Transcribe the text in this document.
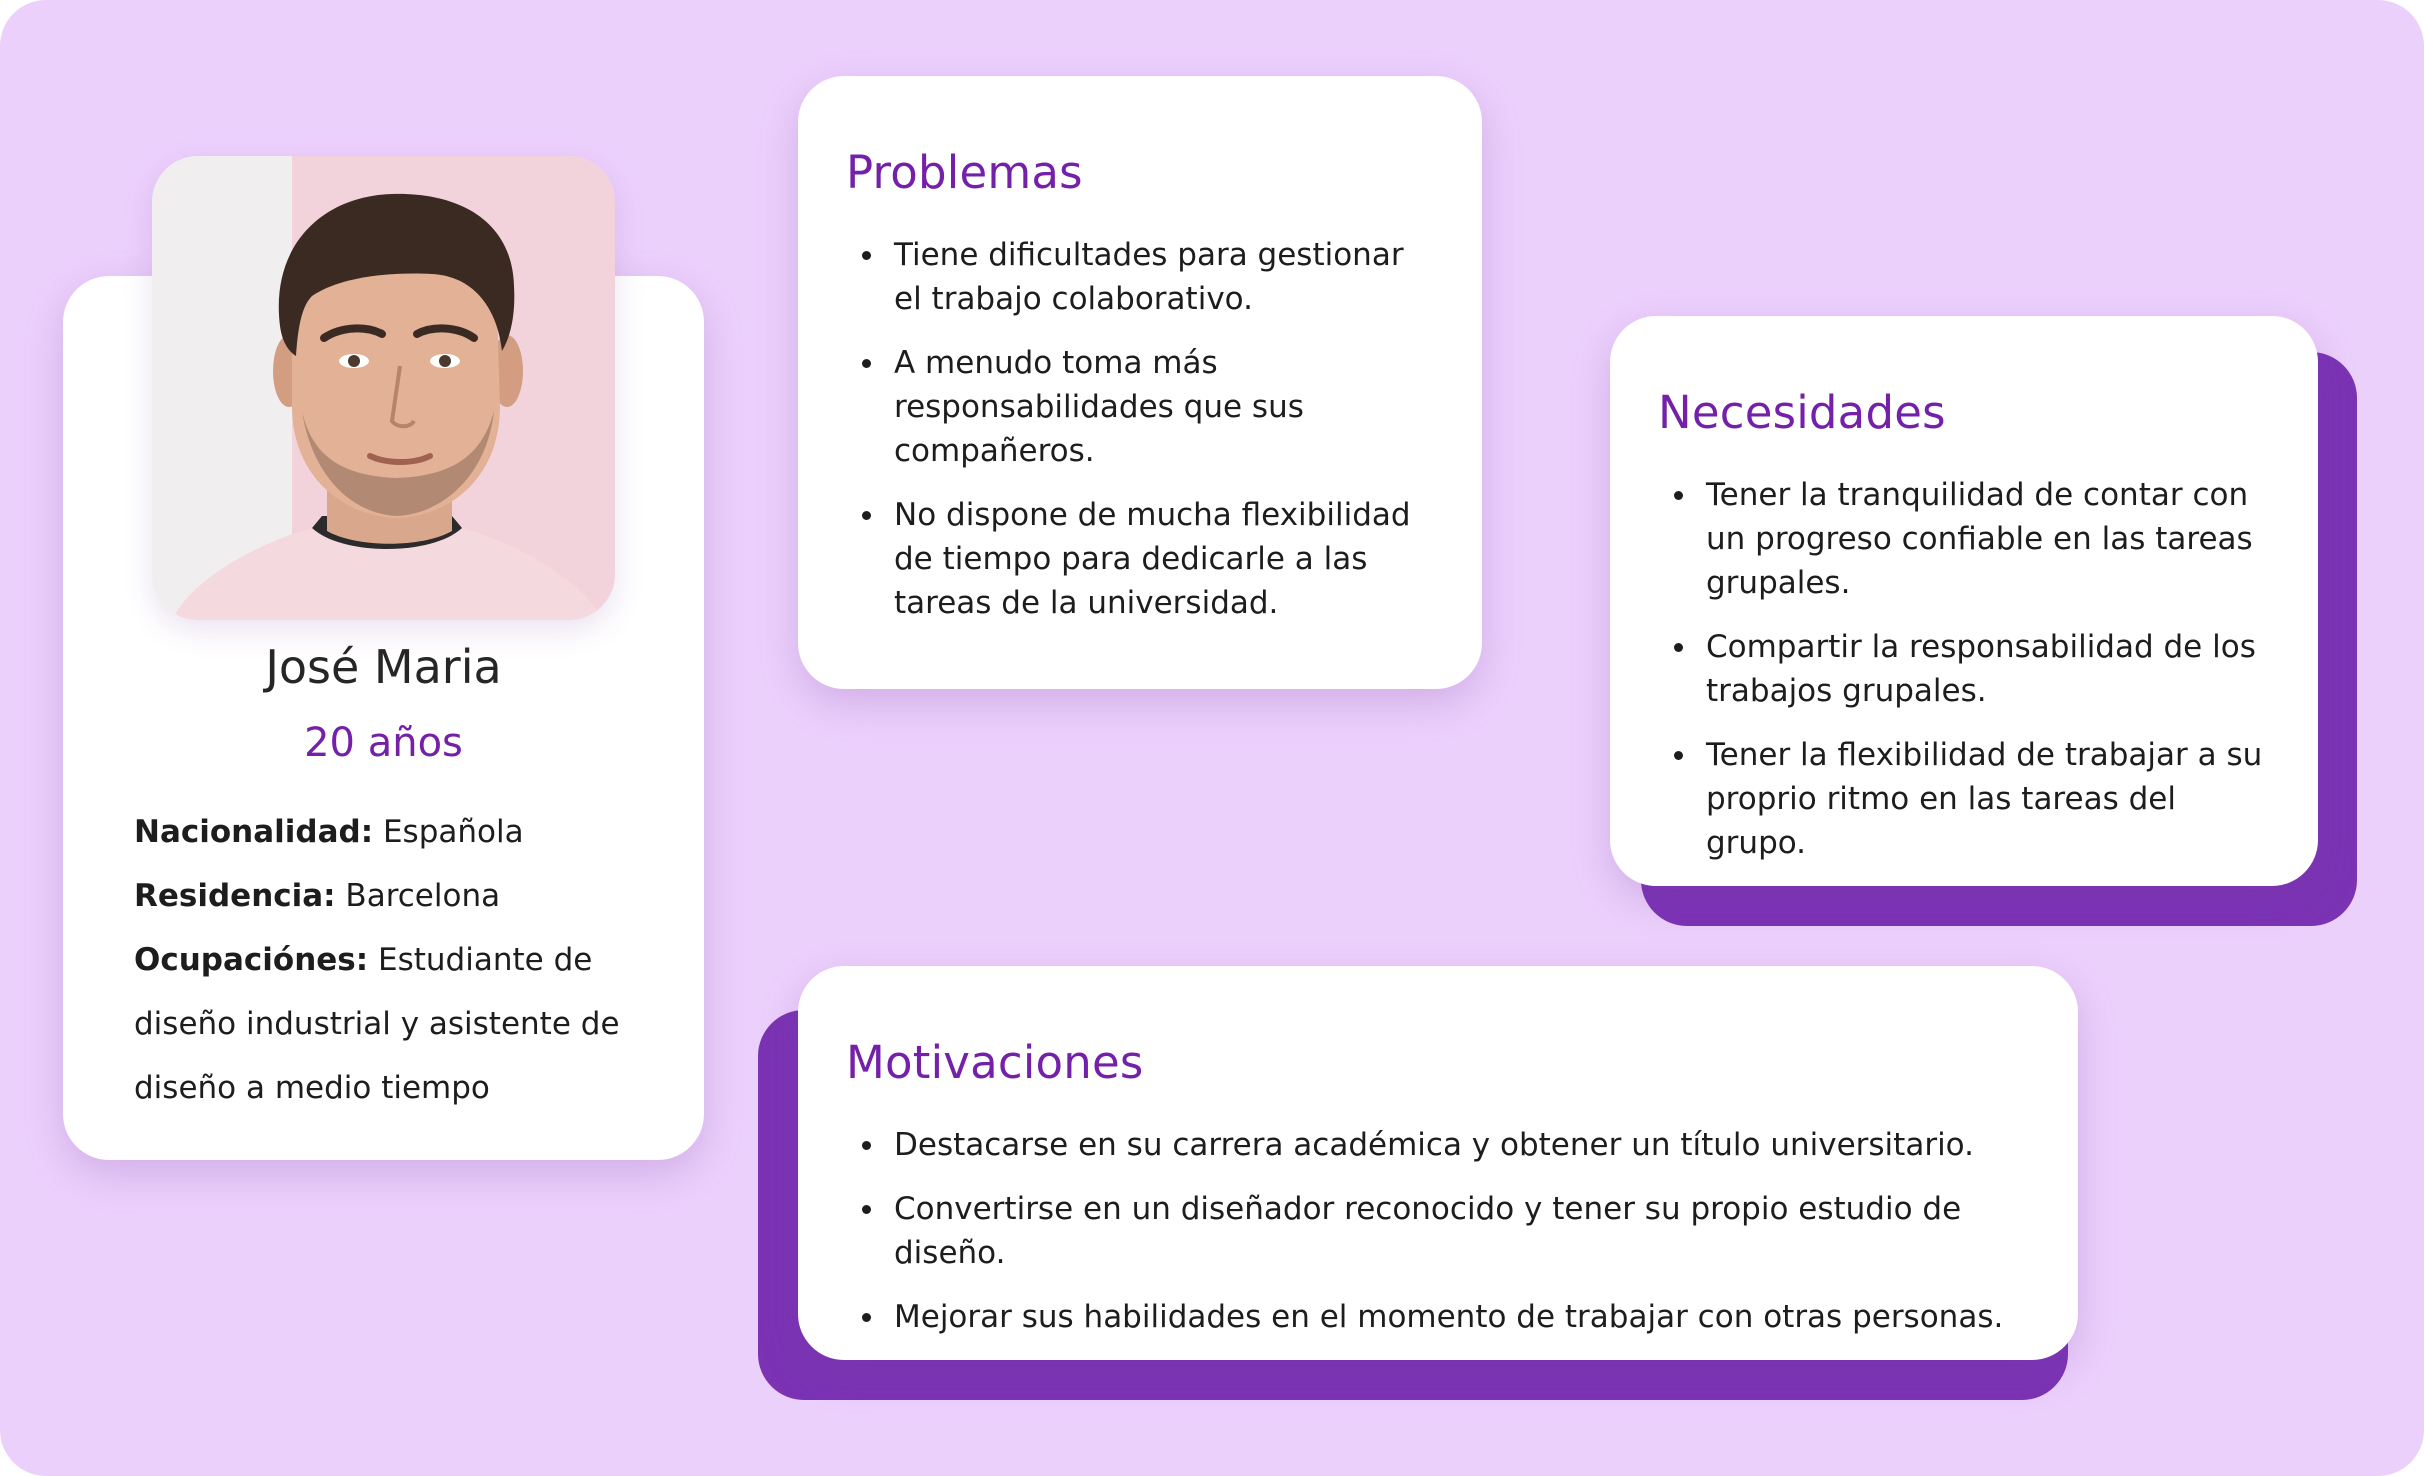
José Maria
20 años
Nacionalidad: Española
Residencia: Barcelona
Ocupaciónes: Estudiante de diseño industrial y asistente de diseño a medio tiempo
Problemas
Tiene dificultades para gestionar el trabajo colaborativo.
A menudo toma más responsabilidades que sus compañeros.
No dispone de mucha flexibilidad de tiempo para dedicarle a las tareas de la universidad.
Necesidades
Tener la tranquilidad de contar con un progreso confiable en las tareas grupales.
Compartir la responsabilidad de los trabajos grupales.
Tener la flexibilidad de trabajar a su proprio ritmo en las tareas del grupo.
Motivaciones
Destacarse en su carrera académica y obtener un título universitario.
Convertirse en un diseñador reconocido y tener su propio estudio de diseño.
Mejorar sus habilidades en el momento de trabajar con otras personas.
